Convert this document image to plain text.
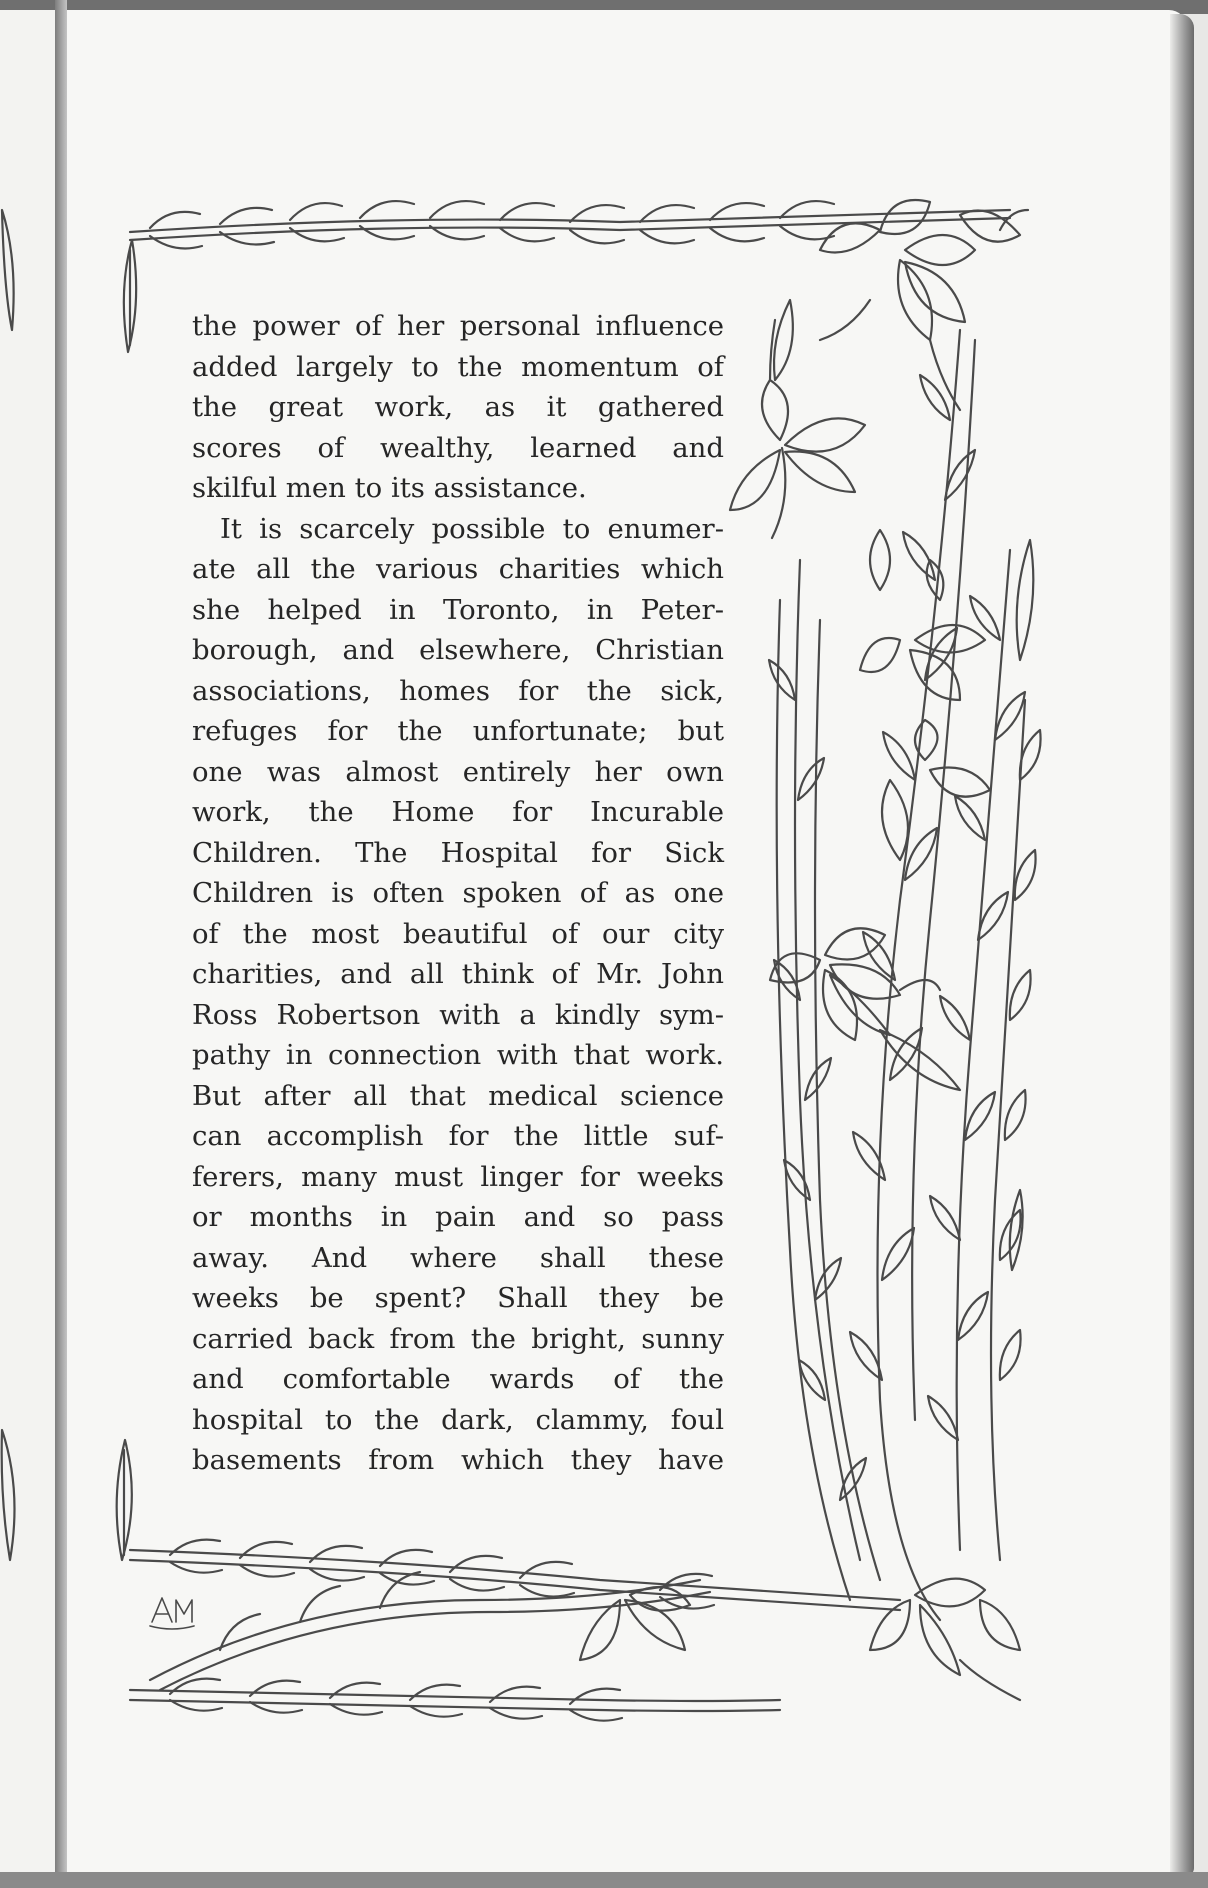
the power of her personal influence
added largely to the momentum of
the great work, as it gathered
scores of wealthy, learned and
skilful men to its assistance.
It is scarcely possible to enumer-
ate all the various charities which
she helped in Toronto, in Peter-
borough, and elsewhere, Christian
associations, homes for the sick,
refuges for the unfortunate; but
one was almost entirely her own
work, the Home for Incurable
Children. The Hospital for Sick
Children is often spoken of as one
of the most beautiful of our city
charities, and all think of Mr. John
Ross Robertson with a kindly sym-
pathy in connection with that work.
But after all that medical science
can accomplish for the little suf-
ferers, many must linger for weeks
or months in pain and so pass
away. And where shall these
weeks be spent? Shall they be
carried back from the bright, sunny
and comfortable wards of the
hospital to the dark, clammy, foul
basements from which they have
